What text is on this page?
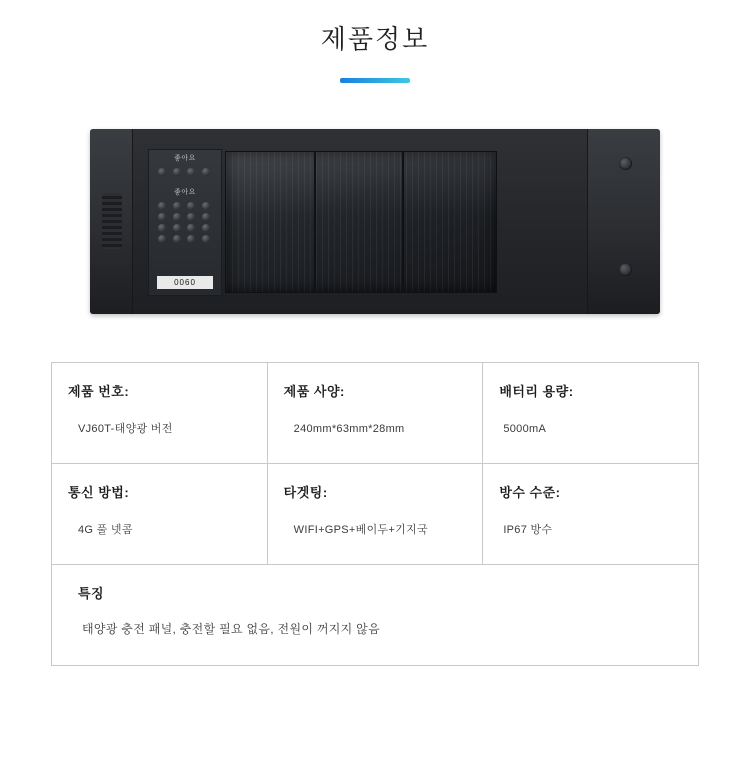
제품정보
좋아요
좋아요
0060
제품 번호:
VJ60T-태양광 버전

제품 사양:
240mm*63mm*28mm

배터리 용량:
5000mA

통신 방법:
4G 풀 넷콤

타겟팅:
WIFI+GPS+베이두+기지국

방수 수준:
IP67 방수

특징
태양광 충전 패널, 충전할 필요 없음, 전원이 꺼지지 않음		
